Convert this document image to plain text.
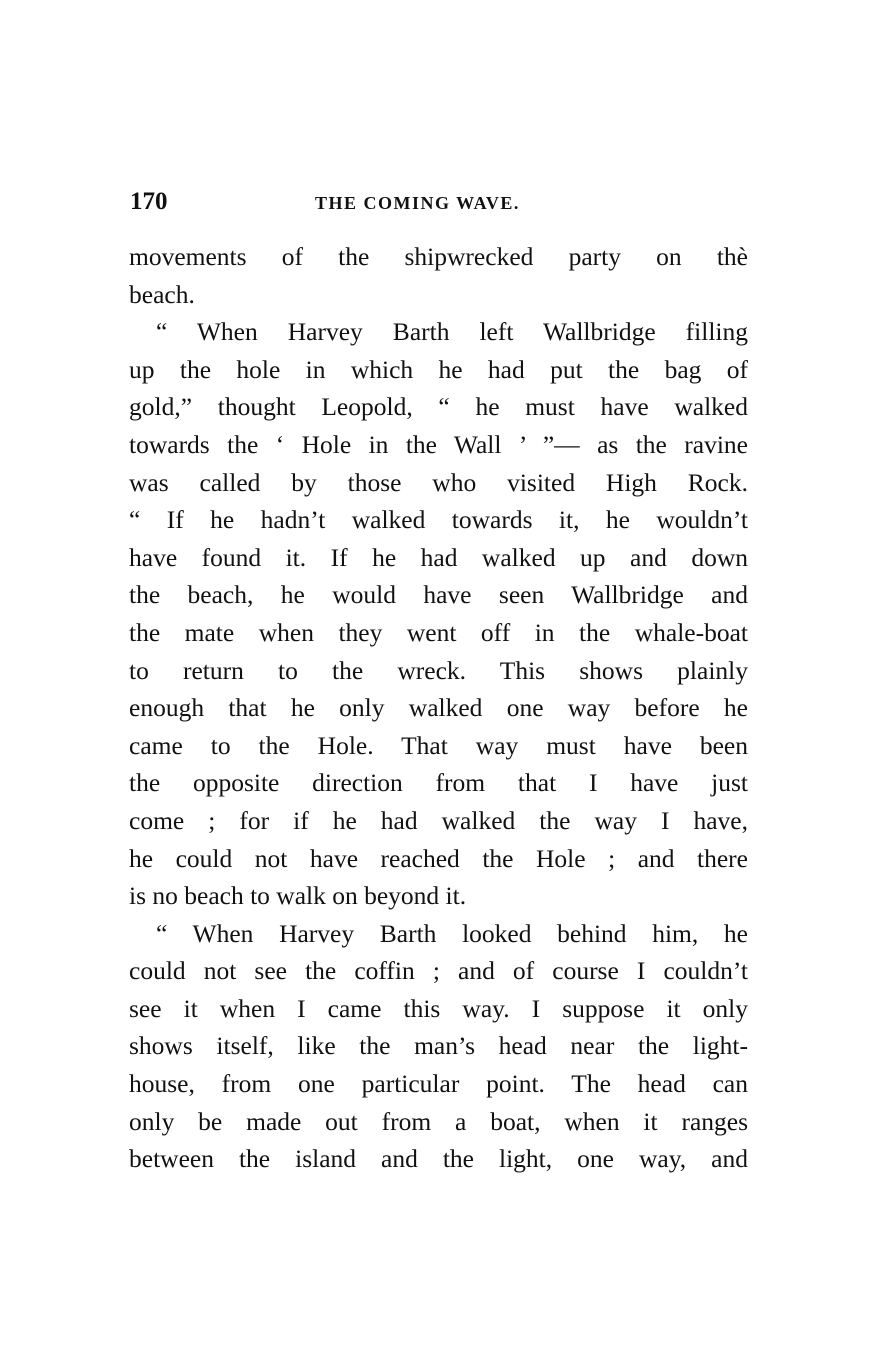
170	THE COMING WAVE.
movements of the shipwrecked party on thè
beach.
“ When Harvey Barth left Wallbridge filling
up the hole in which he had put the bag of
gold,” thought Leopold, “ he must have walked
towards the ‘ Hole in the Wall ’ ”— as the ravine
was called by those who visited High Rock.
“ If he hadn’t walked towards it, he wouldn’t
have found it. If he had walked up and down
the beach, he would have seen Wallbridge and
the mate when they went off in the whale-boat
to return to the wreck. This shows plainly
enough that he only walked one way before he
came to the Hole. That way must have been
the opposite direction from that I have just
come ; for if he had walked the way I have,
he could not have reached the Hole ; and there
is no beach to walk on beyond it.
“ When Harvey Barth looked behind him, he
could not see the coffin ; and of course I couldn’t
see it when I came this way. I suppose it only
shows itself, like the man’s head near the light-
house, from one particular point. The head can
only be made out from a boat, when it ranges
between the island and the light, one way, and
